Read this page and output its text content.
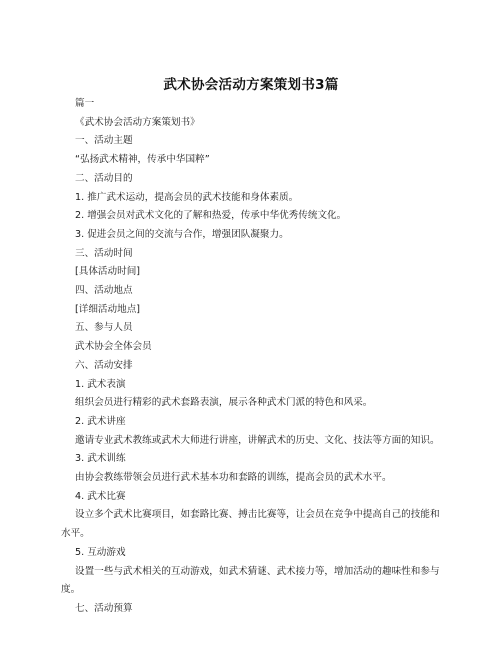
武术协会活动方案策划书3篇

篇一

《武术协会活动方案策划书》

一、活动主题

“弘扬武术精神，传承中华国粹”

二、活动目的

1. 推广武术运动，提高会员的武术技能和身体素质。

2. 增强会员对武术文化的了解和热爱，传承中华优秀传统文化。

3. 促进会员之间的交流与合作，增强团队凝聚力。

三、活动时间

[具体活动时间]

四、活动地点

[详细活动地点]

五、参与人员

武术协会全体会员

六、活动安排

1. 武术表演

组织会员进行精彩的武术套路表演，展示各种武术门派的特色和风采。

2. 武术讲座

邀请专业武术教练或武术大师进行讲座，讲解武术的历史、文化、技法等方面的知识。

3. 武术训练

由协会教练带领会员进行武术基本功和套路的训练，提高会员的武术水平。

4. 武术比赛

设立多个武术比赛项目，如套路比赛、搏击比赛等，让会员在竞争中提高自己的技能和水平。

5. 互动游戏

设置一些与武术相关的互动游戏，如武术猜谜、武术接力等，增加活动的趣味性和参与度。

七、活动预算
